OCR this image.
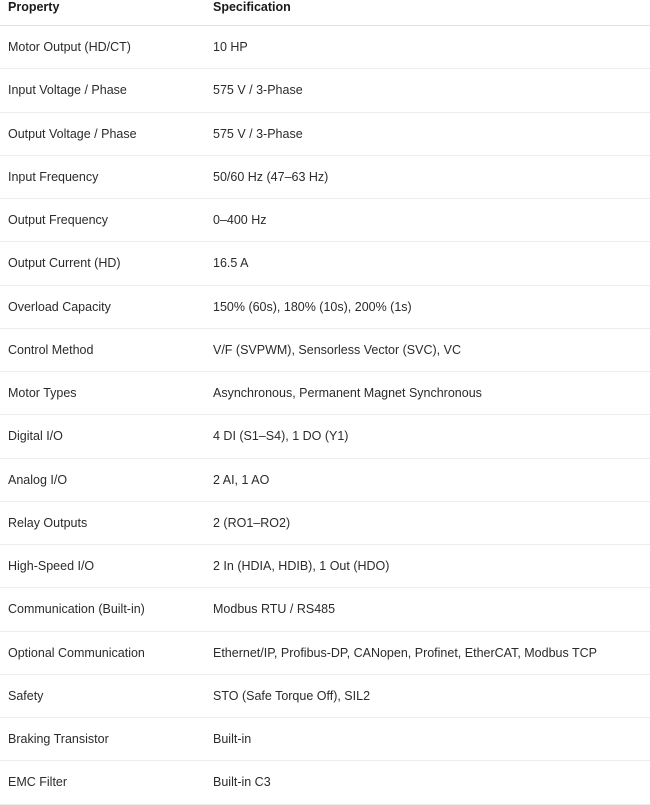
Property	Specification
Motor Output (HD/CT)	10 HP
Input Voltage / Phase	575 V / 3-Phase
Output Voltage / Phase	575 V / 3-Phase
Input Frequency	50/60 Hz (47–63 Hz)
Output Frequency	0–400 Hz
Output Current (HD)	16.5 A
Overload Capacity	150% (60s), 180% (10s), 200% (1s)
Control Method	V/F (SVPWM), Sensorless Vector (SVC), VC
Motor Types	Asynchronous, Permanent Magnet Synchronous
Digital I/O	4 DI (S1–S4), 1 DO (Y1)
Analog I/O	2 AI, 1 AO
Relay Outputs	2 (RO1–RO2)
High-Speed I/O	2 In (HDIA, HDIB), 1 Out (HDO)
Communication (Built-in)	Modbus RTU / RS485
Optional Communication	Ethernet/IP, Profibus-DP, CANopen, Profinet, EtherCAT, Modbus TCP
Safety	STO (Safe Torque Off), SIL2
Braking Transistor	Built-in
EMC Filter	Built-in C3
